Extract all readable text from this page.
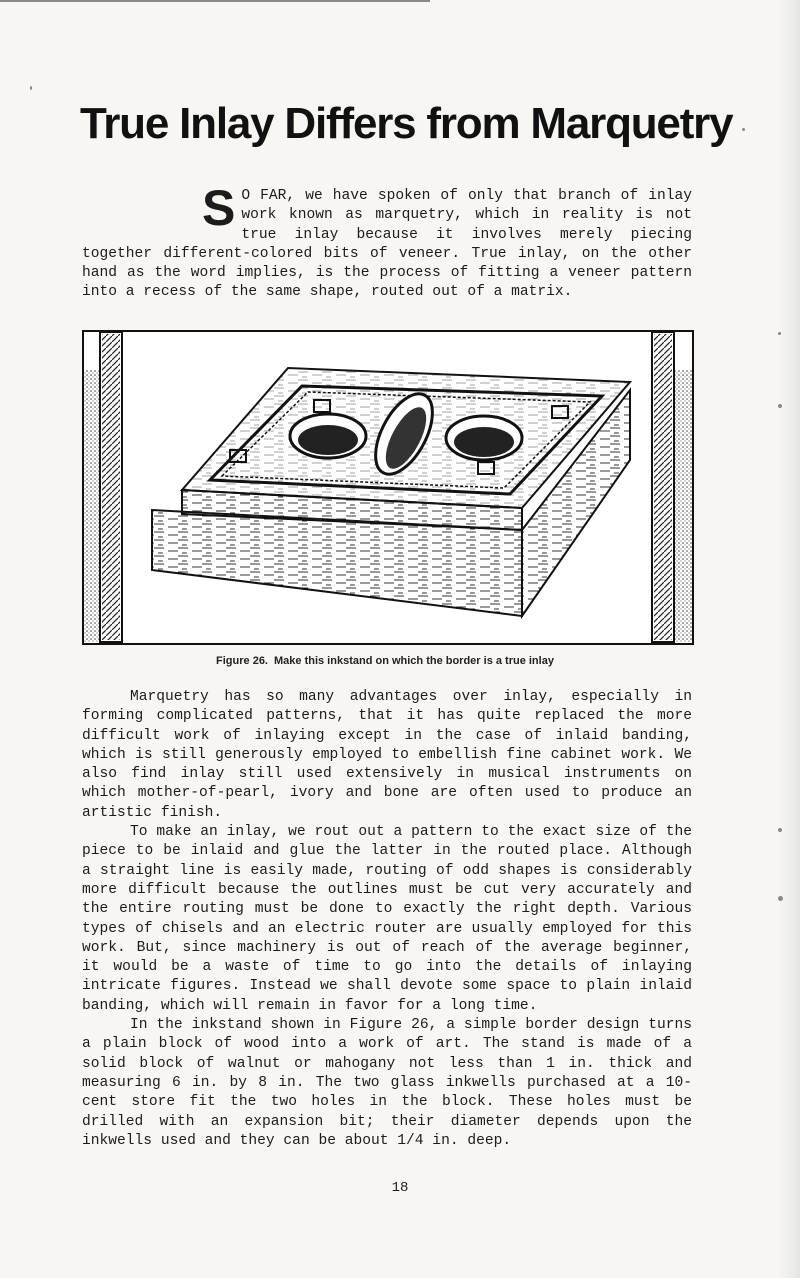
True Inlay Differs from Marquetry
S O FAR, we have spoken of only that branch of inlay work known as marquetry, which in reality is not true inlay because it involves merely piecing together different-colored bits of veneer. True inlay, on the other hand as the word implies, is the process of fitting a veneer pattern into a recess of the same shape, routed out of a matrix.
Figure 26. Make this inkstand on which the border is a true inlay

Marquetry has so many advantages over inlay, especially in forming complicated patterns, that it has quite replaced the more difficult work of inlaying except in the case of inlaid banding, which is still generously employed to embellish fine cabinet work. We also find inlay still used extensively in musical instruments on which mother-of-pearl, ivory and bone are often used to produce an artistic finish.

To make an inlay, we rout out a pattern to the exact size of the piece to be inlaid and glue the latter in the routed place. Although a straight line is easily made, routing of odd shapes is considerably more difficult because the outlines must be cut very accurately and the entire routing must be done to exactly the right depth. Various types of chisels and an electric router are usually employed for this work. But, since machinery is out of reach of the average beginner, it would be a waste of time to go into the details of inlaying intricate figures. Instead we shall devote some space to plain inlaid banding, which will remain in favor for a long time.

In the inkstand shown in Figure 26, a simple border design turns a plain block of wood into a work of art. The stand is made of a solid block of walnut or mahogany not less than 1 in. thick and measuring 6 in. by 8 in. The two glass inkwells purchased at a 10-cent store fit the two holes in the block. These holes must be drilled with an expansion bit; their diameter depends upon the inkwells used and they can be about 1/4 in. deep.

18
